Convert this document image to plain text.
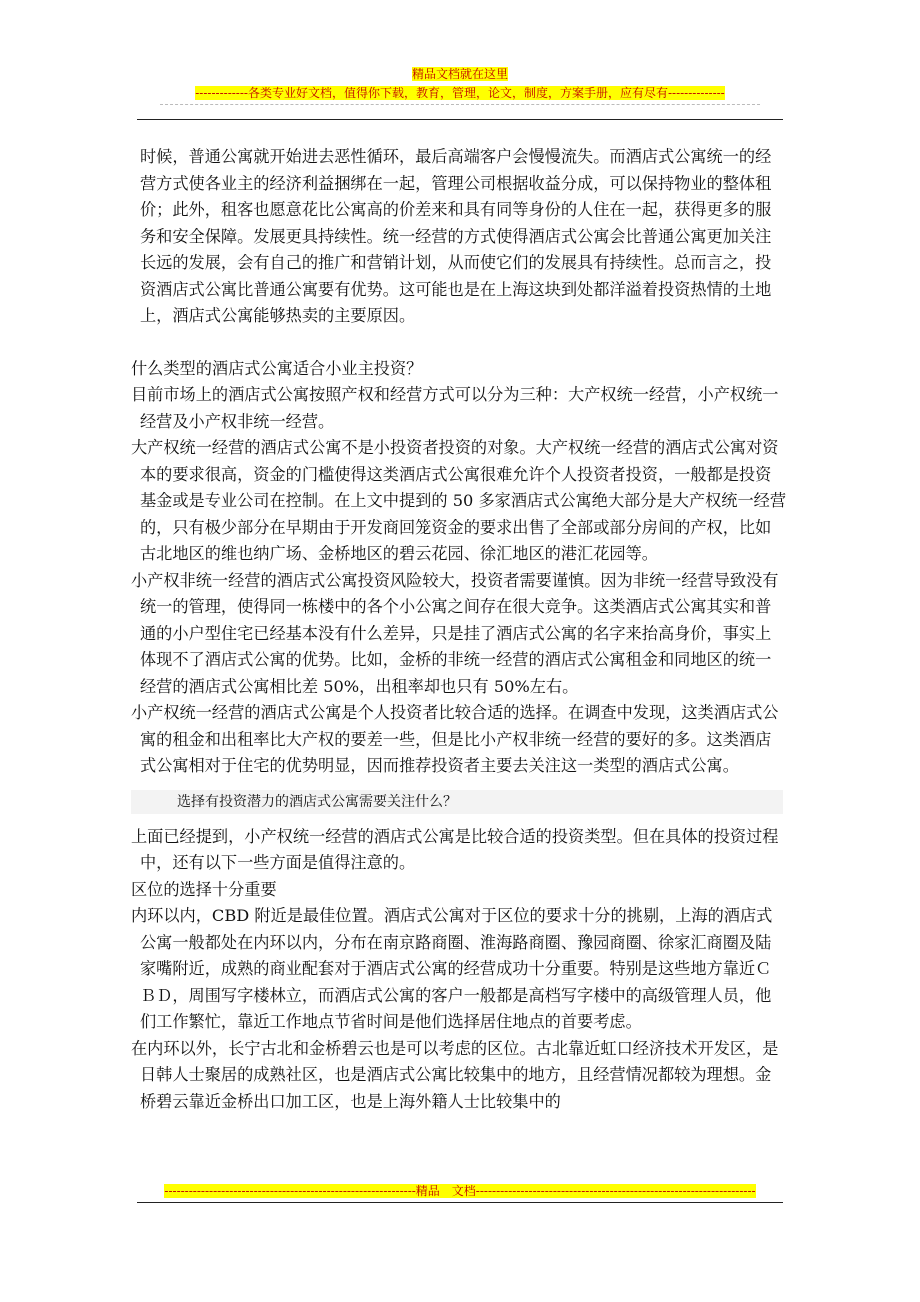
精品文档就在这里
-------------各类专业好文档，值得你下载，教育，管理，论文，制度，方案手册，应有尽有--------------

时候，普通公寓就开始进去恶性循环，最后高端客户会慢慢流失。而酒店式公寓统一的经营方式使各业主的经济利益捆绑在一起，管理公司根据收益分成，可以保持物业的整体租价；此外，租客也愿意花比公寓高的价差来和具有同等身份的人住在一起，获得更多的服务和安全保障。发展更具持续性。统一经营的方式使得酒店式公寓会比普通公寓更加关注长远的发展，会有自己的推广和营销计划，从而使它们的发展具有持续性。总而言之，投资酒店式公寓比普通公寓要有优势。这可能也是在上海这块到处都洋溢着投资热情的土地上，酒店式公寓能够热卖的主要原因。

什么类型的酒店式公寓适合小业主投资？

目前市场上的酒店式公寓按照产权和经营方式可以分为三种：大产权统一经营，小产权统一经营及小产权非统一经营。

大产权统一经营的酒店式公寓不是小投资者投资的对象。大产权统一经营的酒店式公寓对资本的要求很高，资金的门槛使得这类酒店式公寓很难允许个人投资者投资，一般都是投资基金或是专业公司在控制。在上文中提到的 50 多家酒店式公寓绝大部分是大产权统一经营的，只有极少部分在早期由于开发商回笼资金的要求出售了全部或部分房间的产权，比如古北地区的维也纳广场、金桥地区的碧云花园、徐汇地区的港汇花园等。

小产权非统一经营的酒店式公寓投资风险较大，投资者需要谨慎。因为非统一经营导致没有统一的管理，使得同一栋楼中的各个小公寓之间存在很大竞争。这类酒店式公寓其实和普通的小户型住宅已经基本没有什么差异，只是挂了酒店式公寓的名字来抬高身价，事实上体现不了酒店式公寓的优势。比如，金桥的非统一经营的酒店式公寓租金和同地区的统一经营的酒店式公寓相比差 50%，出租率却也只有 50%左右。

小产权统一经营的酒店式公寓是个人投资者比较合适的选择。在调查中发现，这类酒店式公寓的租金和出租率比大产权的要差一些，但是比小产权非统一经营的要好的多。这类酒店式公寓相对于住宅的优势明显，因而推荐投资者主要去关注这一类型的酒店式公寓。

选择有投资潜力的酒店式公寓需要关注什么？

上面已经提到，小产权统一经营的酒店式公寓是比较合适的投资类型。但在具体的投资过程中，还有以下一些方面是值得注意的。

区位的选择十分重要

内环以内，CBD 附近是最佳位置。酒店式公寓对于区位的要求十分的挑剔，上海的酒店式公寓一般都处在内环以内，分布在南京路商圈、淮海路商圈、豫园商圈、徐家汇商圈及陆家嘴附近，成熟的商业配套对于酒店式公寓的经营成功十分重要。特别是这些地方靠近ＣＢＤ，周围写字楼林立，而酒店式公寓的客户一般都是高档写字楼中的高级管理人员，他们工作繁忙，靠近工作地点节省时间是他们选择居住地点的首要考虑。

在内环以外，长宁古北和金桥碧云也是可以考虑的区位。古北靠近虹口经济技术开发区，是日韩人士聚居的成熟社区，也是酒店式公寓比较集中的地方，且经营情况都较为理想。金桥碧云靠近金桥出口加工区，也是上海外籍人士比较集中的

--------------------------------------------------------------精品　文档---------------------------------------------------------------------
